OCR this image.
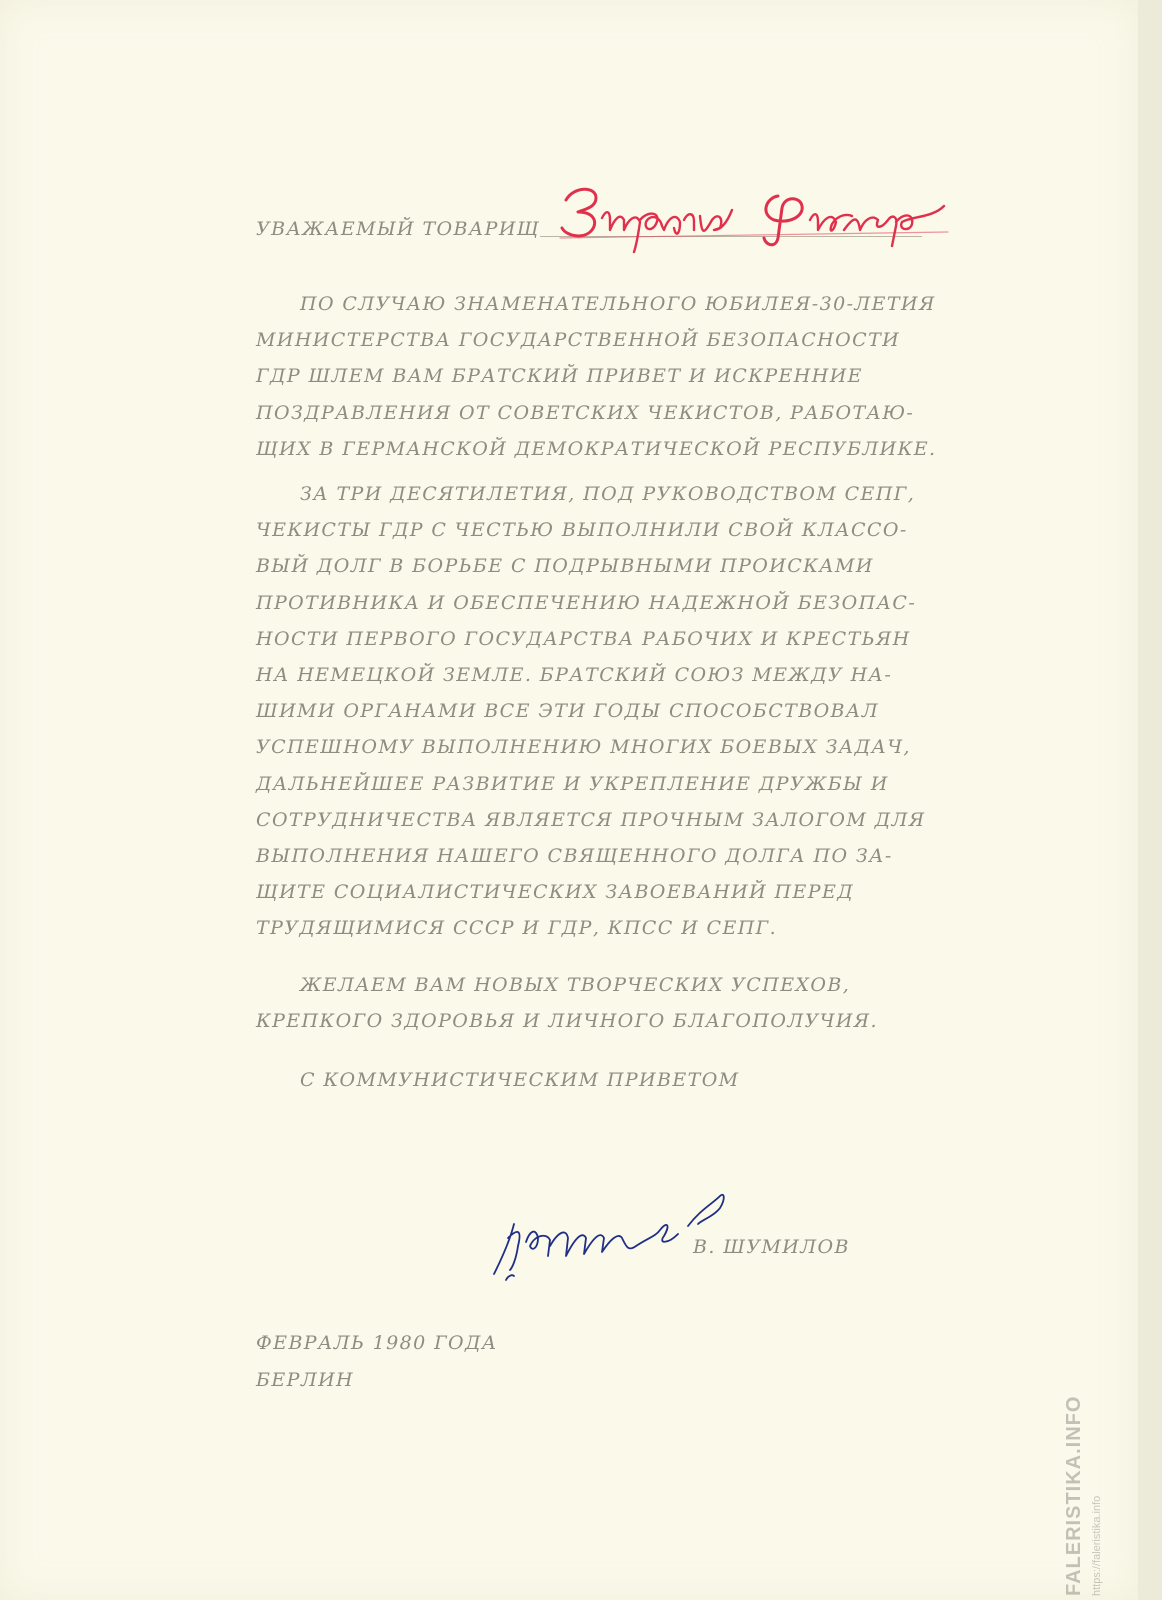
УВАЖАЕМЫЙ ТОВАРИЩ
ПО СЛУЧАЮ ЗНАМЕНАТЕЛЬНОГО ЮБИЛЕЯ-30-ЛЕТИЯ
МИНИСТЕРСТВА ГОСУДАРСТВЕННОЙ БЕЗОПАСНОСТИ
ГДР ШЛЕМ ВАМ БРАТСКИЙ ПРИВЕТ И ИСКРЕННИЕ
ПОЗДРАВЛЕНИЯ ОТ СОВЕТСКИХ ЧЕКИСТОВ, РАБОТАЮ-
ЩИХ В ГЕРМАНСКОЙ ДЕМОКРАТИЧЕСКОЙ РЕСПУБЛИКЕ.
ЗА ТРИ ДЕСЯТИЛЕТИЯ, ПОД РУКОВОДСТВОМ СЕПГ,
ЧЕКИСТЫ ГДР С ЧЕСТЬЮ ВЫПОЛНИЛИ СВОЙ КЛАССО-
ВЫЙ ДОЛГ В БОРЬБЕ С ПОДРЫВНЫМИ ПРОИСКАМИ
ПРОТИВНИКА И ОБЕСПЕЧЕНИЮ НАДЕЖНОЙ БЕЗОПАС-
НОСТИ ПЕРВОГО ГОСУДАРСТВА РАБОЧИХ И КРЕСТЬЯН
НА НЕМЕЦКОЙ ЗЕМЛЕ. БРАТСКИЙ СОЮЗ МЕЖДУ НА-
ШИМИ ОРГАНАМИ ВСЕ ЭТИ ГОДЫ СПОСОБСТВОВАЛ
УСПЕШНОМУ ВЫПОЛНЕНИЮ МНОГИХ БОЕВЫХ ЗАДАЧ,
ДАЛЬНЕЙШЕЕ РАЗВИТИЕ И УКРЕПЛЕНИЕ ДРУЖБЫ И
СОТРУДНИЧЕСТВА ЯВЛЯЕТСЯ ПРОЧНЫМ ЗАЛОГОМ ДЛЯ
ВЫПОЛНЕНИЯ НАШЕГО СВЯЩЕННОГО ДОЛГА ПО ЗА-
ЩИТЕ СОЦИАЛИСТИЧЕСКИХ ЗАВОЕВАНИЙ ПЕРЕД
ТРУДЯЩИМИСЯ СССР И ГДР, КПСС И СЕПГ.
ЖЕЛАЕМ ВАМ НОВЫХ ТВОРЧЕСКИХ УСПЕХОВ,
КРЕПКОГО ЗДОРОВЬЯ И ЛИЧНОГО БЛАГОПОЛУЧИЯ.
С КОММУНИСТИЧЕСКИМ ПРИВЕТОМ
В. ШУМИЛОВ
ФЕВРАЛЬ 1980 ГОДА
БЕРЛИН
FALERISTIKA.INFO https://faleristika.info
